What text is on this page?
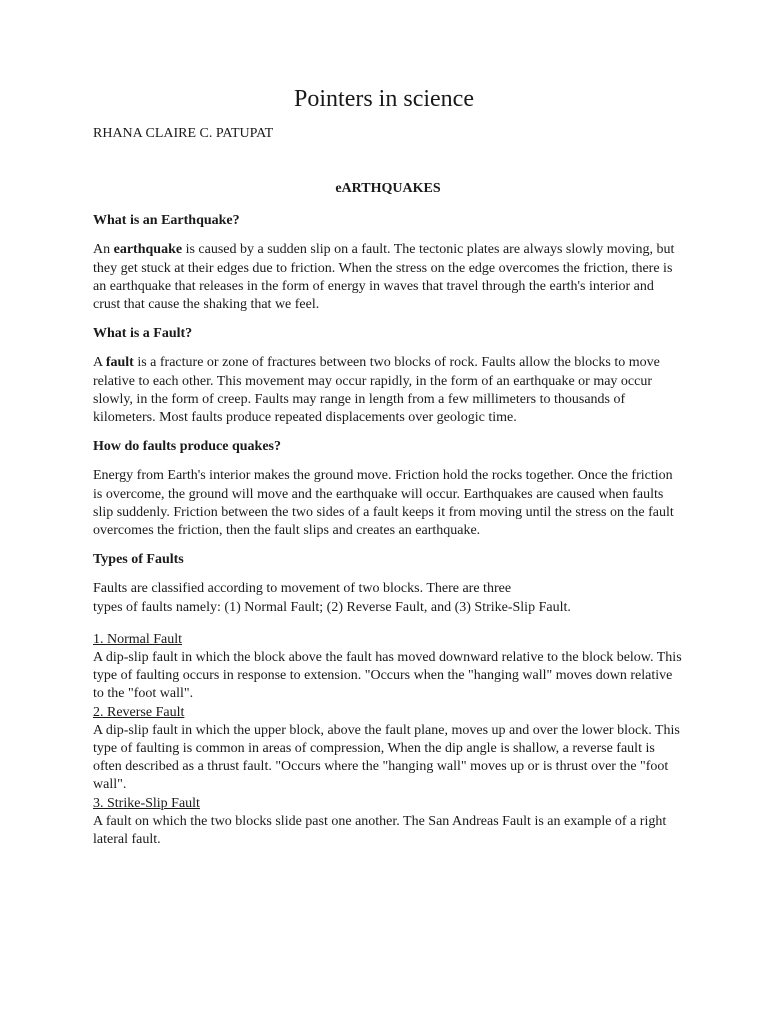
Pointers in science

RHANA CLAIRE C. PATUPAT

eARTHQUAKES

What is an Earthquake?

An earthquake is caused by a sudden slip on a fault. The tectonic plates are always slowly moving, but they get stuck at their edges due to friction. When the stress on the edge overcomes the friction, there is an earthquake that releases in the form of energy in waves that travel through the earth's interior and crust that cause the shaking that we feel.

What is a Fault?

A fault is a fracture or zone of fractures between two blocks of rock. Faults allow the blocks to move relative to each other. This movement may occur rapidly, in the form of an earthquake or may occur slowly, in the form of creep. Faults may range in length from a few millimeters to thousands of kilometers. Most faults produce repeated displacements over geologic time.

How do faults produce quakes?

Energy from Earth's interior makes the ground move. Friction hold the rocks together. Once the friction is overcome, the ground will move and the earthquake will occur. Earthquakes are caused when faults slip suddenly. Friction between the two sides of a fault keeps it from moving until the stress on the fault overcomes the friction, then the fault slips and creates an earthquake.

Types of Faults

Faults are classified according to movement of two blocks. There are three
types of faults namely: (1) Normal Fault; (2) Reverse Fault, and (3) Strike-Slip Fault.

1. Normal Fault
A dip-slip fault in which the block above the fault has moved downward relative to the block below. This type of faulting occurs in response to extension. "Occurs when the "hanging wall" moves down relative to the "foot wall".
2. Reverse Fault
A dip-slip fault in which the upper block, above the fault plane, moves up and over the lower block. This type of faulting is common in areas of compression, When the dip angle is shallow, a reverse fault is often described as a thrust fault. "Occurs where the "hanging wall" moves up or is thrust over the "foot wall".
3. Strike-Slip Fault
A fault on which the two blocks slide past one another. The San Andreas Fault is an example of a right lateral fault.
